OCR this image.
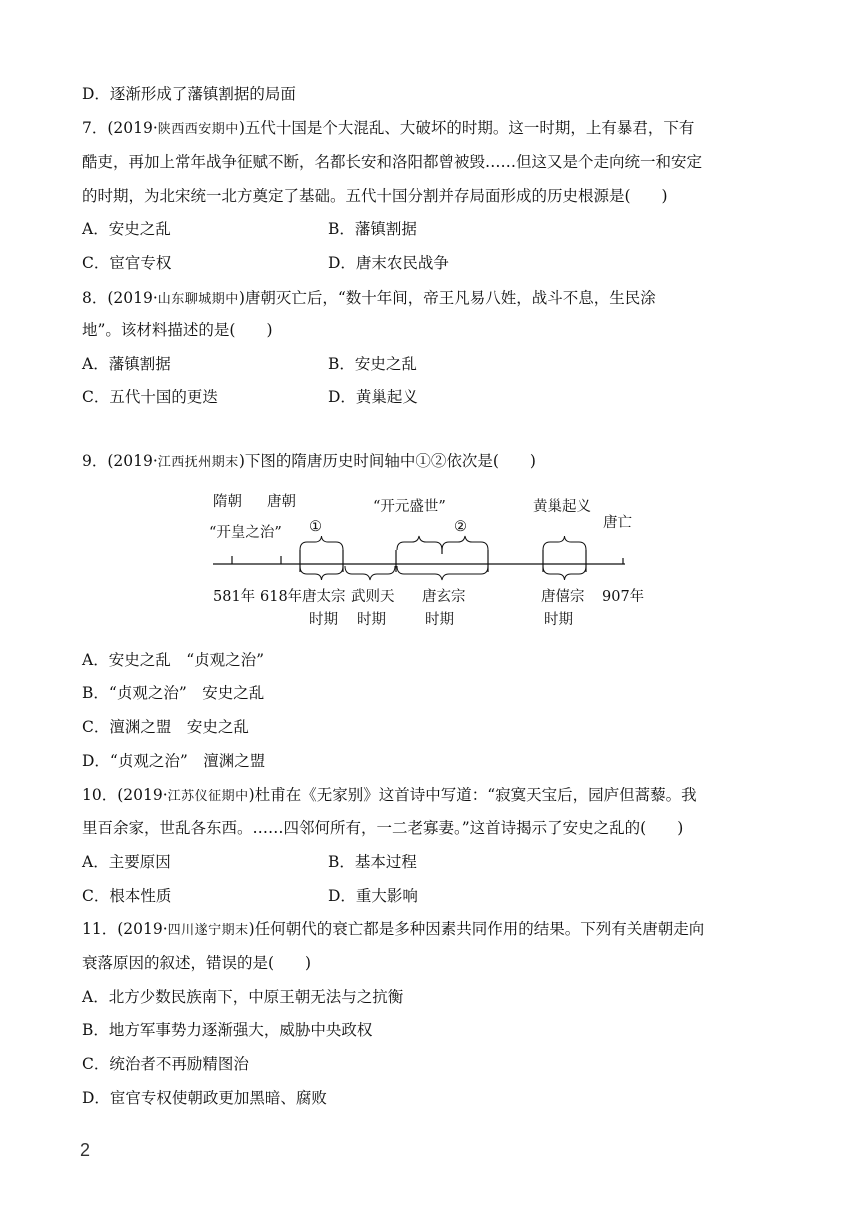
D．逐渐形成了藩镇割据的局面
7．(2019·陕西西安期中)五代十国是个大混乱、大破坏的时期。这一时期，上有暴君，下有
酷吏，再加上常年战争征赋不断，名都长安和洛阳都曾被毁……但这又是个走向统一和安定
的时期，为北宋统一北方奠定了基础。五代十国分割并存局面形成的历史根源是(　　)
A．安史之乱	B．藩镇割据
C．宦官专权	D．唐末农民战争
8．(2019·山东聊城期中)唐朝灭亡后，“数十年间，帝王凡易八姓，战斗不息，生民涂
地”。该材料描述的是(　　)
A．藩镇割据	B．安史之乱
C．五代十国的更迭	D．黄巢起义
9．(2019·江西抚州期末)下图的隋唐历史时间轴中①②依次是(　　)
隋朝 唐朝
“开皇之治” ①
“开元盛世”
②
黄巢起义
唐亡
581年 618年 唐太宗
时期
武则天
时期
唐玄宗
时期
唐僖宗
时期
907年
A．安史之乱　“贞观之治”
B．“贞观之治”　安史之乱
C．澶渊之盟　安史之乱
D．“贞观之治”　澶渊之盟
10．(2019·江苏仪征期中)杜甫在《无家别》这首诗中写道：“寂寞天宝后，园庐但蒿藜。我
里百余家，世乱各东西。……四邻何所有，一二老寡妻。”这首诗揭示了安史之乱的(　　)
A．主要原因	B．基本过程
C．根本性质	D．重大影响
11．(2019·四川遂宁期末)任何朝代的衰亡都是多种因素共同作用的结果。下列有关唐朝走向
衰落原因的叙述，错误的是(　　)
A．北方少数民族南下，中原王朝无法与之抗衡
B．地方军事势力逐渐强大，威胁中央政权
C．统治者不再励精图治
D．宦官专权使朝政更加黑暗、腐败
2
